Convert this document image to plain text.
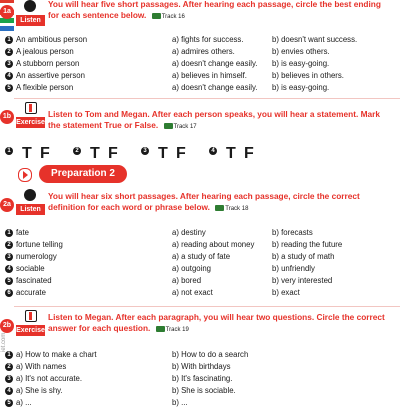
1a
Listen
You will hear five short passages. After hearing each passage, circle the best ending for each sentence below.	Track 16
1 An ambitious person	a) fights for success.	b) doesn't want success.
2 A jealous person	a) admires others.	b) envies others.
3 A stubborn person	a) doesn't change easily. b) is easy-going.
4 An assertive person	a) believes in himself.	b) believes in others.
5 A flexible person	a) doesn't change easily. b) is easy-going.
1b
Exercise
Listen to Tom and Megan. After each person speaks, you will hear a statement. Mark the statement True or False.	Track 17
1 T F	2 T F	3 T F	4 T F
Preparation 2
2a
Listen
You will hear six short passages. After hearing each passage, circle the correct definition for each word or phrase below.	Track 18
1 fate	a) destiny	b) forecasts
2 fortune telling	a) reading about money b) reading the future
3 numerology	a) a study of fate	b) a study of math
4 sociable	a) outgoing	b) unfriendly
5 fascinated	a) bored	b) very interested
6 accurate	a) not exact	b) exact
2b
Exercise
Listen to Megan. After each paragraph, you will hear two questions. Circle the correct answer for each question.	Track 19
1 a) How to make a chart	b) How to do a search
2 a) With names	b) With birthdays
3 a) It's not accurate.	b) It's fascinating.
4 a) She is shy.	b) She is sociable.
5 a) ...	b) ...
iet.com
